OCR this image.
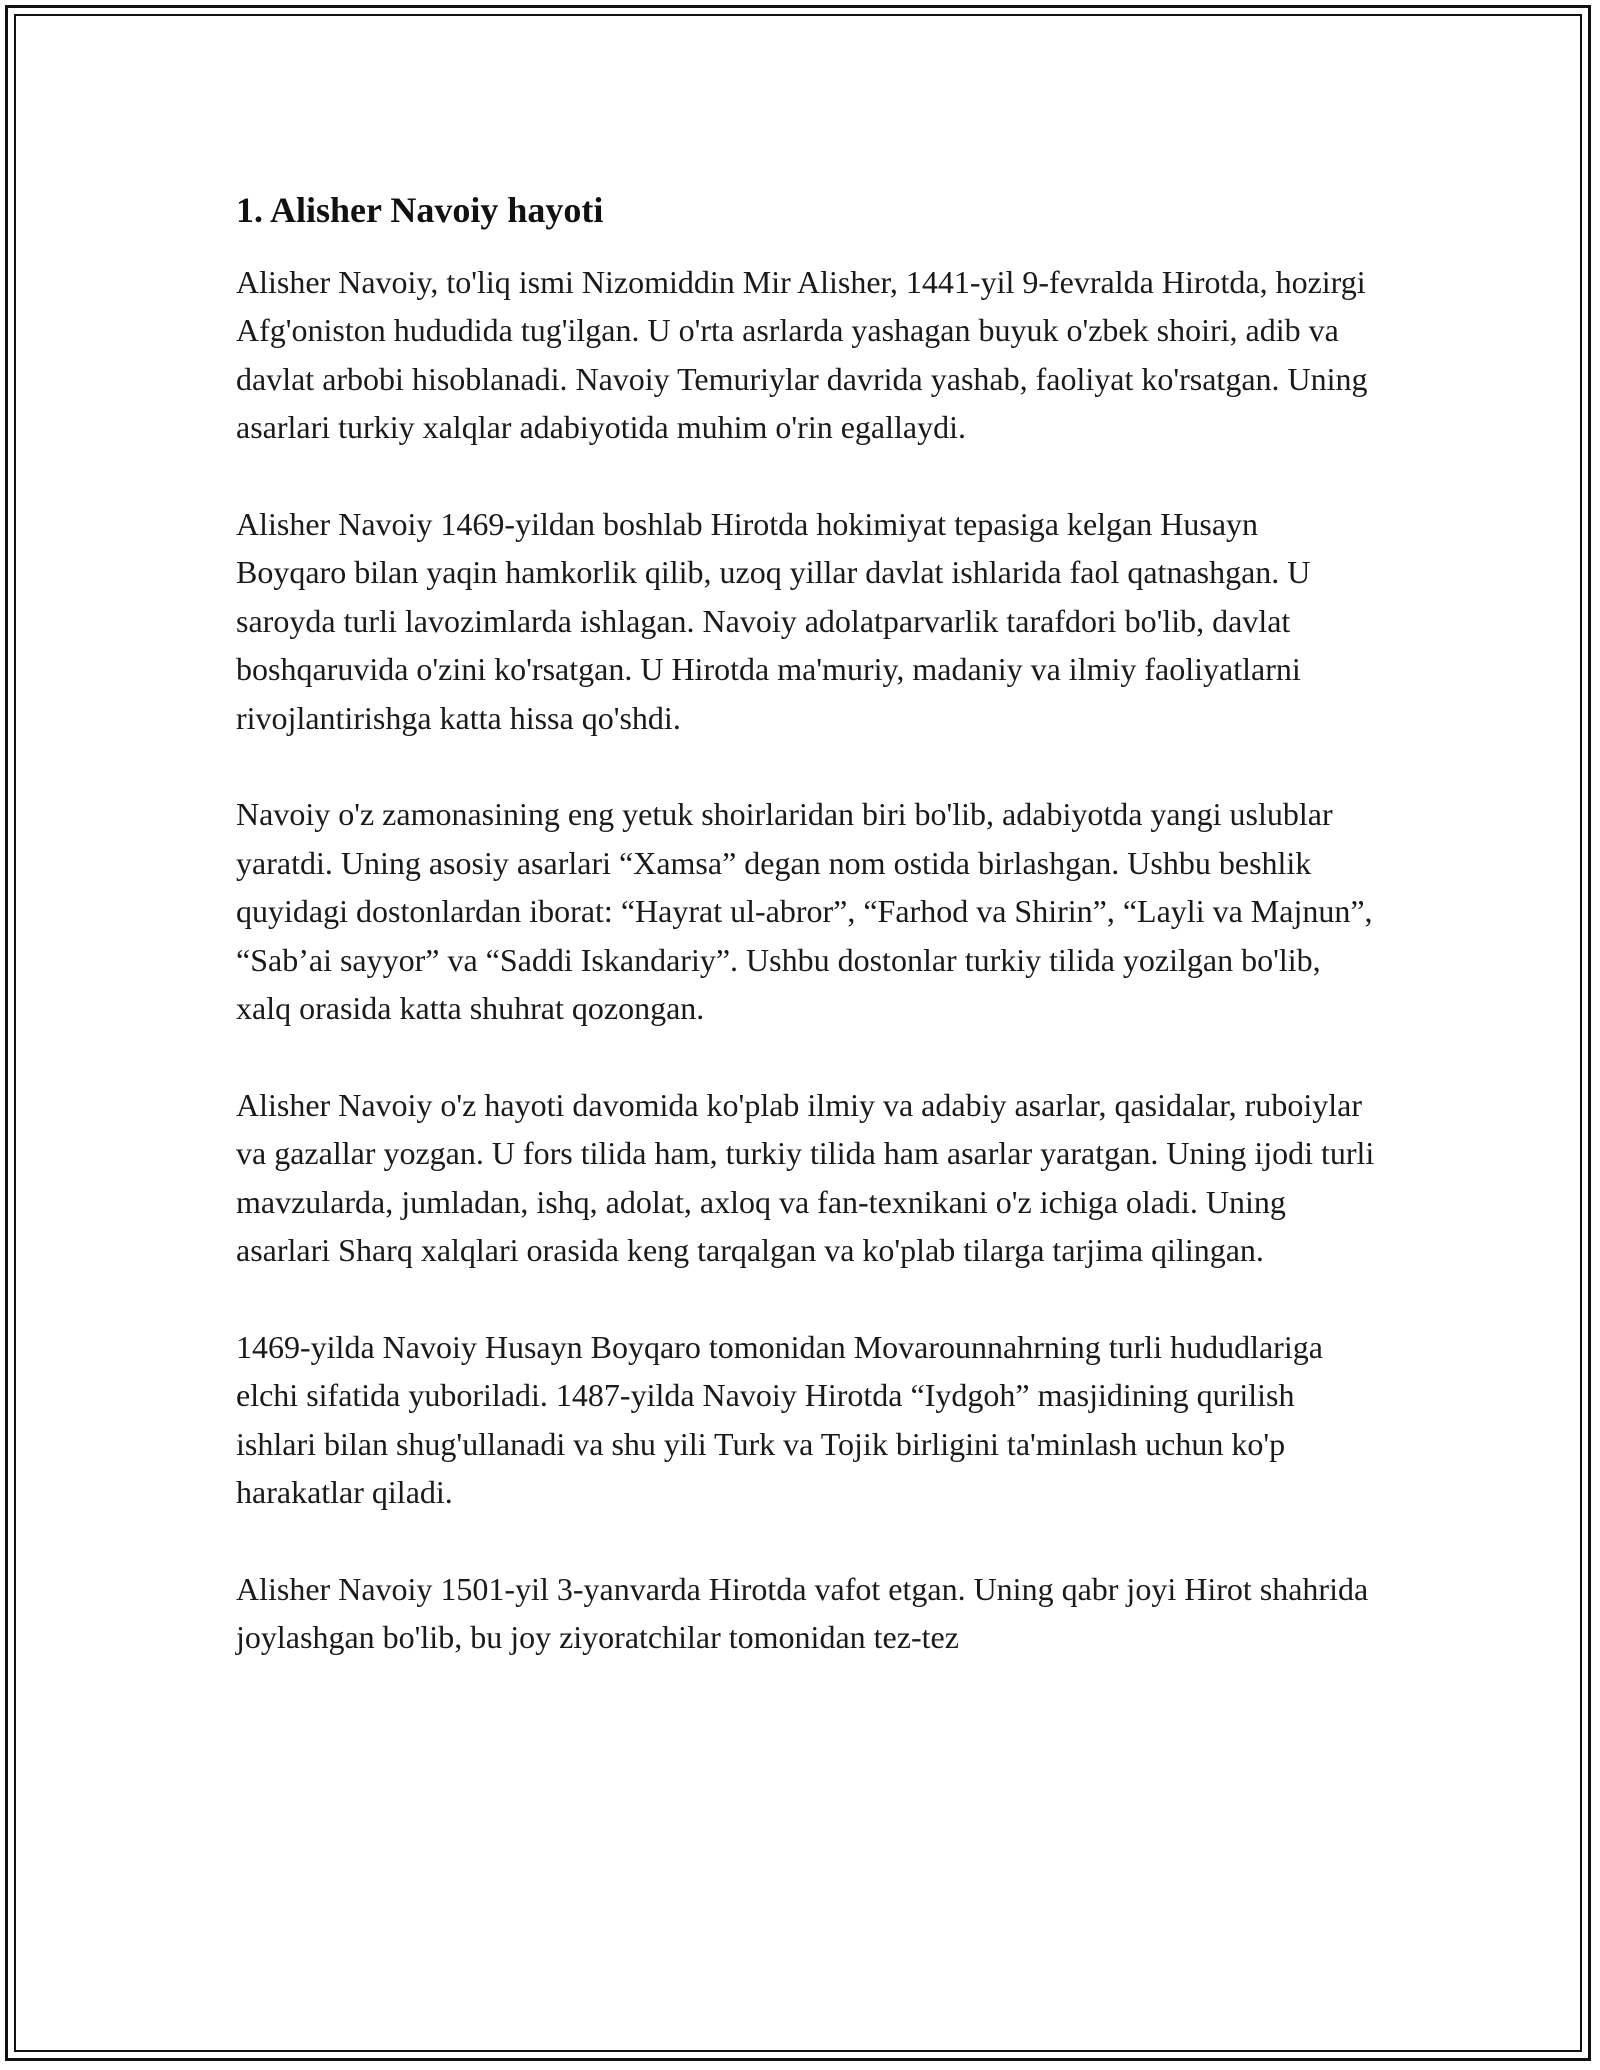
1. Alisher Navoiy hayoti

Alisher Navoiy, to'liq ismi Nizomiddin Mir Alisher, 1441-yil 9-fevralda Hirotda, hozirgi Afg'oniston hududida tug'ilgan. U o'rta asrlarda yashagan buyuk o'zbek shoiri, adib va davlat arbobi hisoblanadi. Navoiy Temuriylar davrida yashab, faoliyat ko'rsatgan. Uning asarlari turkiy xalqlar adabiyotida muhim o'rin egallaydi.

Alisher Navoiy 1469-yildan boshlab Hirotda hokimiyat tepasiga kelgan Husayn Boyqaro bilan yaqin hamkorlik qilib, uzoq yillar davlat ishlarida faol qatnashgan. U saroyda turli lavozimlarda ishlagan. Navoiy adolatparvarlik tarafdori bo'lib, davlat boshqaruvida o'zini ko'rsatgan. U Hirotda ma'muriy, madaniy va ilmiy faoliyatlarni rivojlantirishga katta hissa qo'shdi.

Navoiy o'z zamonasining eng yetuk shoirlaridan biri bo'lib, adabiyotda yangi uslublar yaratdi. Uning asosiy asarlari “Xamsa” degan nom ostida birlashgan. Ushbu beshlik quyidagi dostonlardan iborat: “Hayrat ul-abror”, “Farhod va Shirin”, “Layli va Majnun”, “Sab’ai sayyor” va “Saddi Iskandariy”. Ushbu dostonlar turkiy tilida yozilgan bo'lib, xalq orasida katta shuhrat qozongan.

Alisher Navoiy o'z hayoti davomida ko'plab ilmiy va adabiy asarlar, qasidalar, ruboiylar va gazallar yozgan. U fors tilida ham, turkiy tilida ham asarlar yaratgan. Uning ijodi turli mavzularda, jumladan, ishq, adolat, axloq va fan-texnikani o'z ichiga oladi. Uning asarlari Sharq xalqlari orasida keng tarqalgan va ko'plab tilarga tarjima qilingan.

1469-yilda Navoiy Husayn Boyqaro tomonidan Movarounnahrning turli hududlariga elchi sifatida yuboriladi. 1487-yilda Navoiy Hirotda “Iydgoh” masjidining qurilish ishlari bilan shug'ullanadi va shu yili Turk va Tojik birligini ta'minlash uchun ko'p harakatlar qiladi.

Alisher Navoiy 1501-yil 3-yanvarda Hirotda vafot etgan. Uning qabr joyi Hirot shahrida joylashgan bo'lib, bu joy ziyoratchilar tomonidan tez-tez
